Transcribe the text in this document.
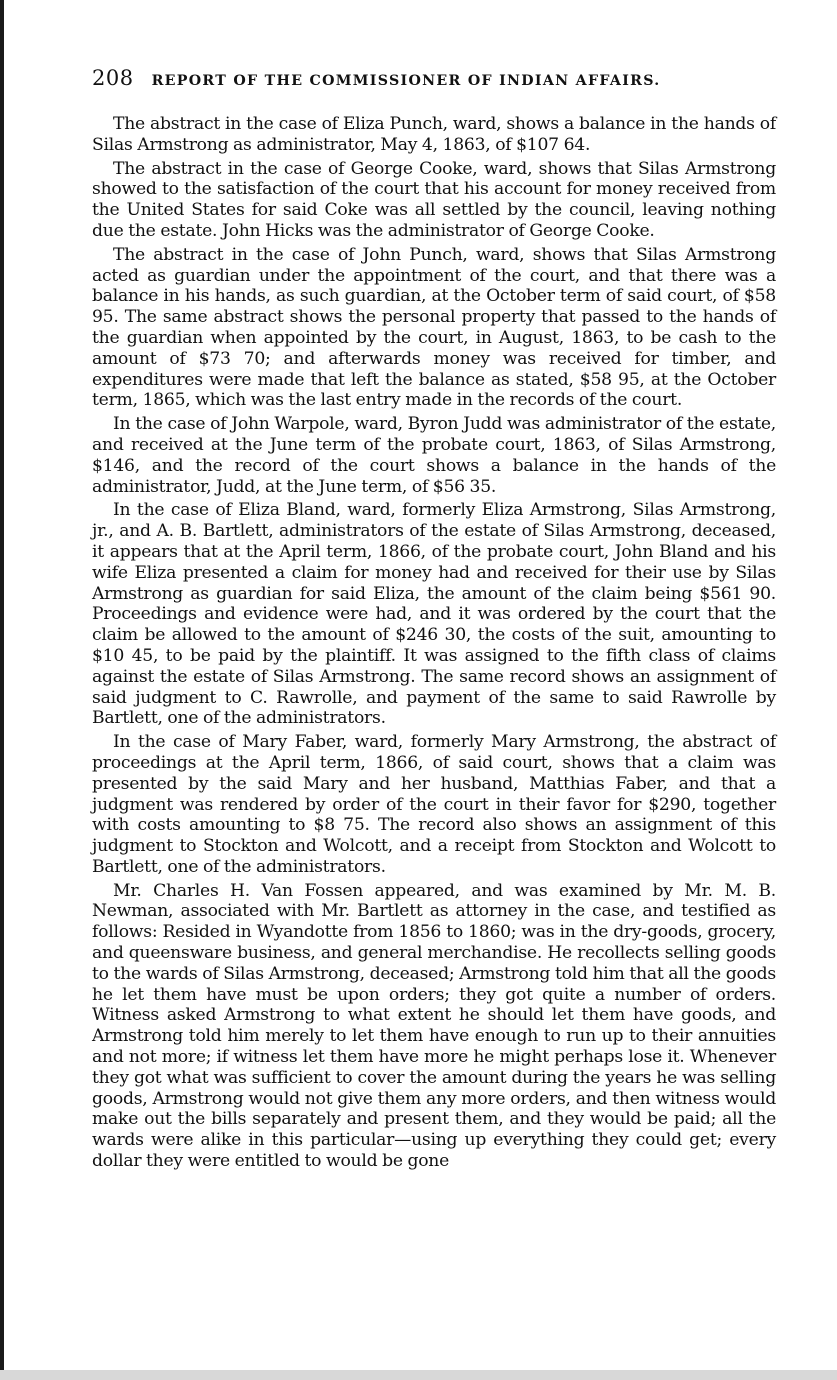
208 REPORT OF THE COMMISSIONER OF INDIAN AFFAIRS.

The abstract in the case of Eliza Punch, ward, shows a balance in the hands of Silas Armstrong as administrator, May 4, 1863, of $107 64.

The abstract in the case of George Cooke, ward, shows that Silas Armstrong showed to the satisfaction of the court that his account for money received from the United States for said Coke was all settled by the council, leaving nothing due the estate. John Hicks was the administrator of George Cooke.

The abstract in the case of John Punch, ward, shows that Silas Armstrong acted as guardian under the appointment of the court, and that there was a balance in his hands, as such guardian, at the October term of said court, of $58 95. The same abstract shows the personal property that passed to the hands of the guardian when appointed by the court, in August, 1863, to be cash to the amount of $73 70; and afterwards money was received for timber, and expenditures were made that left the balance as stated, $58 95, at the October term, 1865, which was the last entry made in the records of the court.

In the case of John Warpole, ward, Byron Judd was administrator of the estate, and received at the June term of the probate court, 1863, of Silas Armstrong, $146, and the record of the court shows a balance in the hands of the administrator, Judd, at the June term, of $56 35.

In the case of Eliza Bland, ward, formerly Eliza Armstrong, Silas Armstrong, jr., and A. B. Bartlett, administrators of the estate of Silas Armstrong, deceased, it appears that at the April term, 1866, of the probate court, John Bland and his wife Eliza presented a claim for money had and received for their use by Silas Armstrong as guardian for said Eliza, the amount of the claim being $561 90. Proceedings and evidence were had, and it was ordered by the court that the claim be allowed to the amount of $246 30, the costs of the suit, amounting to $10 45, to be paid by the plaintiff. It was assigned to the fifth class of claims against the estate of Silas Armstrong. The same record shows an assignment of said judgment to C. Rawrolle, and payment of the same to said Rawrolle by Bartlett, one of the administrators.

In the case of Mary Faber, ward, formerly Mary Armstrong, the abstract of proceedings at the April term, 1866, of said court, shows that a claim was presented by the said Mary and her husband, Matthias Faber, and that a judgment was rendered by order of the court in their favor for $290, together with costs amounting to $8 75. The record also shows an assignment of this judgment to Stockton and Wolcott, and a receipt from Stockton and Wolcott to Bartlett, one of the administrators.

Mr. Charles H. Van Fossen appeared, and was examined by Mr. M. B. Newman, associated with Mr. Bartlett as attorney in the case, and testified as follows: Resided in Wyandotte from 1856 to 1860; was in the dry-goods, grocery, and queensware business, and general merchandise. He recollects selling goods to the wards of Silas Armstrong, deceased; Armstrong told him that all the goods he let them have must be upon orders; they got quite a number of orders. Witness asked Armstrong to what extent he should let them have goods, and Armstrong told him merely to let them have enough to run up to their annuities and not more; if witness let them have more he might perhaps lose it. Whenever they got what was sufficient to cover the amount during the years he was selling goods, Armstrong would not give them any more orders, and then witness would make out the bills separately and present them, and they would be paid; all the wards were alike in this particular—using up everything they could get; every dollar they were entitled to would be gone
